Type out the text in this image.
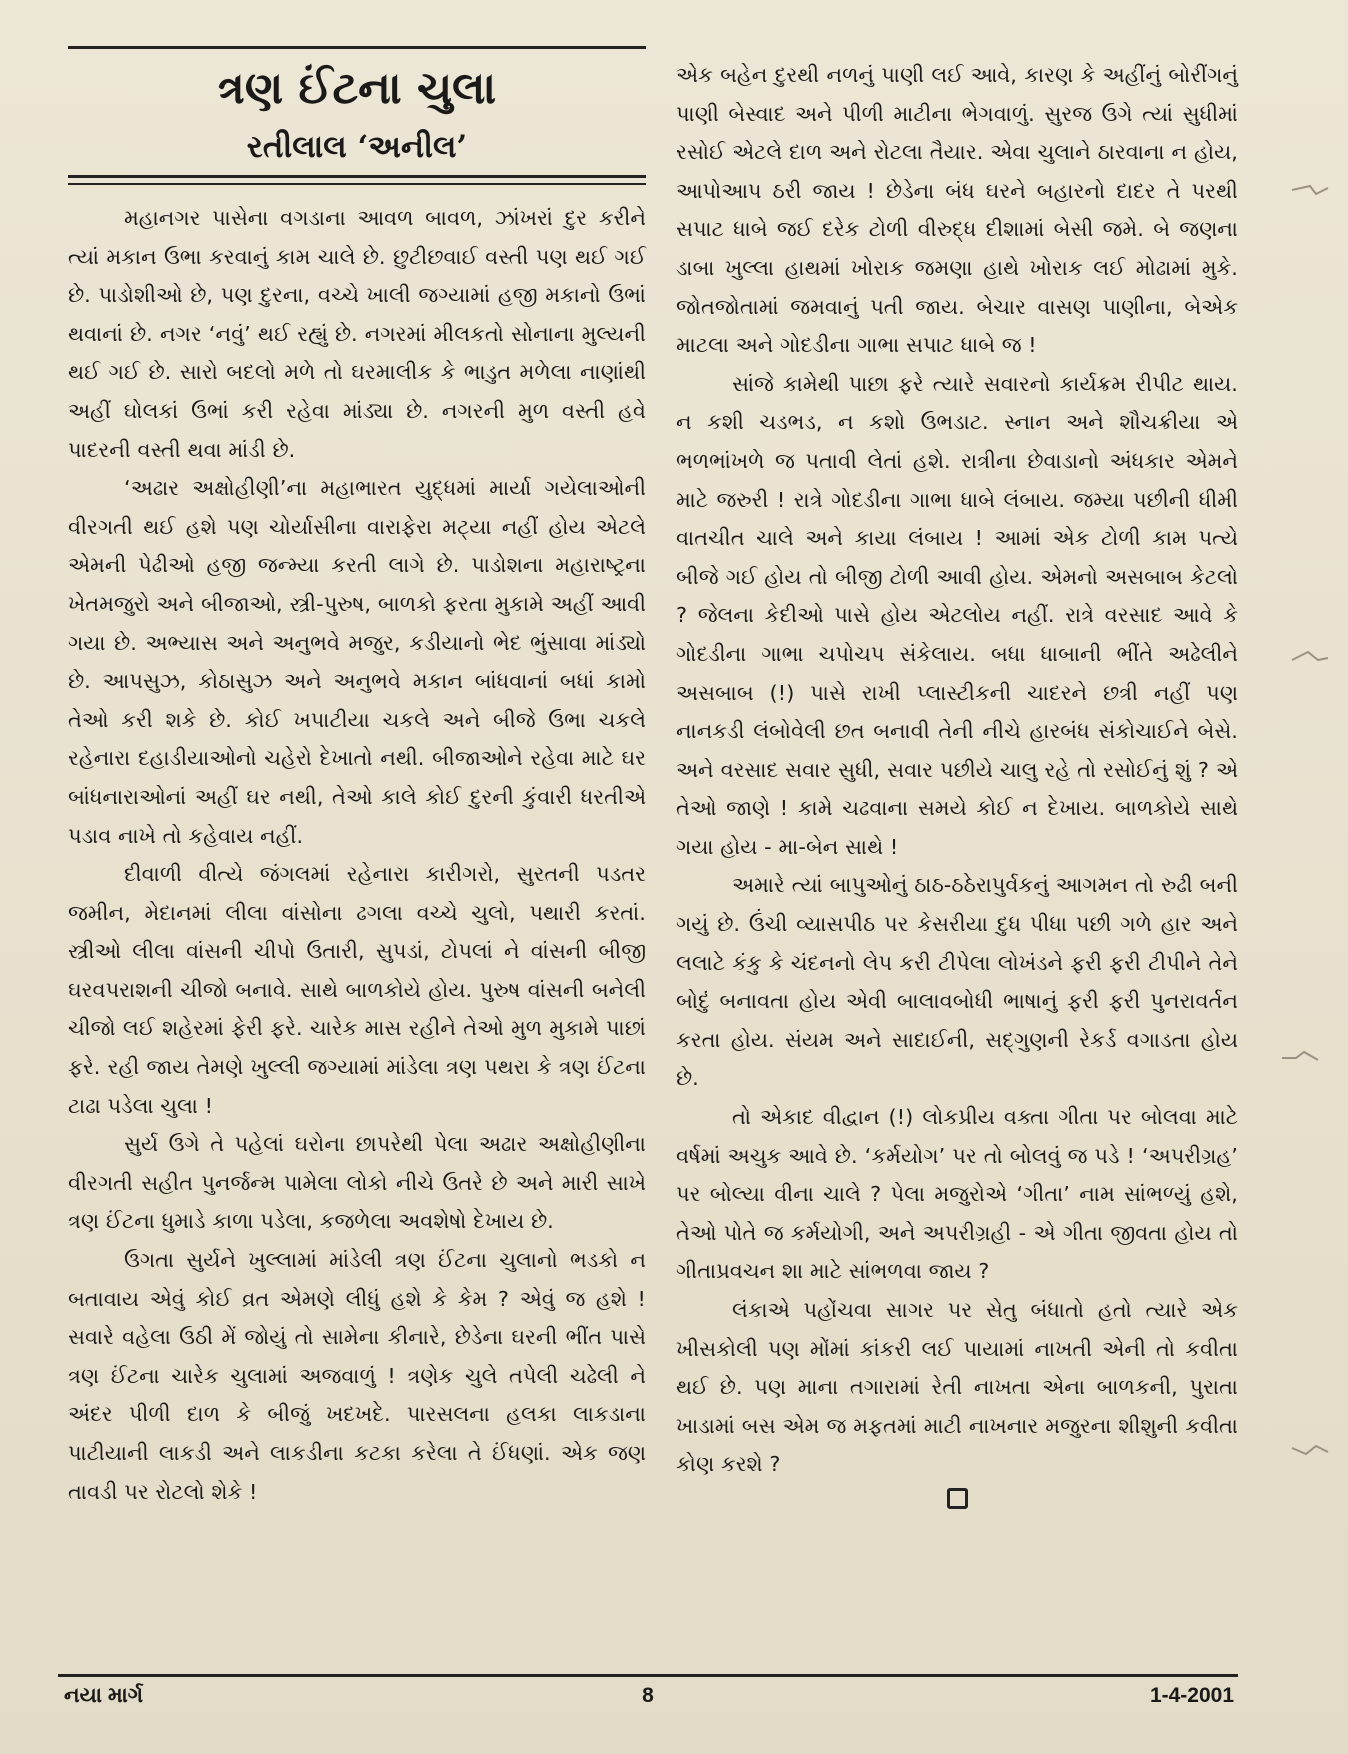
ત્રણ ઈંટના ચુલા
રતીલાલ ‘અનીલ’

મહાનગર પાસેના વગડાના આવળ બાવળ, ઝાંખરાં દુર કરીને ત્યાં મકાન ઉભા કરવાનું કામ ચાલે છે. છુટીછવાઈ વસ્તી પણ થઈ ગઈ છે. પાડોશીઓ છે, પણ દુરના, વચ્ચે ખાલી જગ્યામાં હજી મકાનો ઉભાં થવાનાં છે. નગર ‘નવું’ થઈ રહ્યું છે. નગરમાં મીલકતો સોનાના મુલ્યની થઈ ગઈ છે. સારો બદલો મળે તો ઘરમાલીક કે ભાડુત મળેલા નાણાંથી અહીં ઘોલકાં ઉભાં કરી રહેવા માંડ્યા છે. નગરની મુળ વસ્તી હવે પાદરની વસ્તી થવા માંડી છે.

‘અઢાર અક્ષોહીણી’ના મહાભારત યુદ્ધમાં માર્યા ગયેલાઓની વીરગતી થઈ હશે પણ ચોર્યાસીના વારાફેરા મટ્યા નહીં હોય એટલે એમની પેઢીઓ હજી જન્મ્યા કરતી લાગે છે. પાડોશના મહારાષ્ટ્રના ખેતમજુરો અને બીજાઓ, સ્ત્રી-પુરુષ, બાળકો ફરતા મુકામે અહીં આવી ગયા છે. અભ્યાસ અને અનુભવે મજુર, કડીયાનો ભેદ ભુંસાવા માંડ્યો છે. આપસુઝ, કોઠાસુઝ અને અનુભવે મકાન બાંધવાનાં બધાં કામો તેઓ કરી શકે છે. કોઈ ખપાટીયા ચકલે અને બીજે ઉભા ચકલે રહેનારા દહાડીયાઓનો ચહેરો દેખાતો નથી. બીજાઓને રહેવા માટે ઘર બાંધનારાઓનાં અહીં ઘર નથી, તેઓ કાલે કોઈ દુરની કુંવારી ધરતીએ પડાવ નાખે તો કહેવાય નહીં.

દીવાળી વીત્યે જંગલમાં રહેનારા કારીગરો, સુરતની પડતર જમીન, મેદાનમાં લીલા વાંસોના ઢગલા વચ્ચે ચુલો, પથારી કરતાં. સ્ત્રીઓ લીલા વાંસની ચીપો ઉતારી, સુપડાં, ટોપલાં ને વાંસની બીજી ઘરવપરાશની ચીજો બનાવે. સાથે બાળકોયે હોય. પુરુષ વાંસની બનેલી ચીજો લઈ શહેરમાં ફેરી ફરે. ચારેક માસ રહીને તેઓ મુળ મુકામે પાછાં ફરે. રહી જાય તેમણે ખુલ્લી જગ્યામાં માંડેલા ત્રણ પથરા કે ત્રણ ઈંટના ટાઢા પડેલા ચુલા !

સુર્ય ઉગે તે પહેલાં ઘરોના છાપરેથી પેલા અઢાર અક્ષોહીણીના વીરગતી સહીત પુનર્જન્મ પામેલા લોકો નીચે ઉતરે છે અને મારી સાખે ત્રણ ઈંટના ધુમાડે કાળા પડેલા, કજળેલા અવશેષો દેખાય છે.

ઉગતા સુર્યને ખુલ્લામાં માંડેલી ત્રણ ઈંટના ચુલાનો ભડકો ન બતાવાય એવું કોઈ વ્રત એમણે લીધું હશે કે કેમ ? એવું જ હશે ! સવારે વહેલા ઉઠી મેં જોયું તો સામેના કીનારે, છેડેના ઘરની ભીંત પાસે ત્રણ ઈંટના ચારેક ચુલામાં અજવાળું ! ત્રણેક ચુલે તપેલી ચઢેલી ને અંદર પીળી દાળ કે બીજું ખદખદે. પારસલના હલકા લાકડાના પાટીયાની લાકડી અને લાકડીના કટકા કરેલા તે ઈંધણાં. એક જણ તાવડી પર રોટલો શેકે !

એક બહેન દુરથી નળનું પાણી લઈ આવે, કારણ કે અહીંનું બોરીંગનું પાણી બેસ્વાદ અને પીળી માટીના ભેગવાળું. સુરજ ઉગે ત્યાં સુધીમાં રસોઈ એટલે દાળ અને રોટલા તૈયાર. એવા ચુલાને ઠારવાના ન હોય, આપોઆપ ઠરી જાય ! છેડેના બંધ ઘરને બહારનો દાદર તે પરથી સપાટ ધાબે જઈ દરેક ટોળી વીરુદ્ધ દીશામાં બેસી જમે. બે જણના ડાબા ખુલ્લા હાથમાં ખોરાક જમણા હાથે ખોરાક લઈ મોઢામાં મુકે. જોતજોતામાં જમવાનું પતી જાય. બેચાર વાસણ પાણીના, બેએક માટલા અને ગોદડીના ગાભા સપાટ ધાબે જ !

સાંજે કામેથી પાછા ફરે ત્યારે સવારનો કાર્યક્રમ રીપીટ થાય. ન કશી ચડભડ, ન કશો ઉભડાટ. સ્નાન અને શૌચક્રીયા એ ભળભાંખળે જ પતાવી લેતાં હશે. રાત્રીના છેવાડાનો અંધકાર એમને માટે જરુરી ! રાત્રે ગોદડીના ગાભા ધાબે લંબાય. જમ્યા પછીની ધીમી વાતચીત ચાલે અને કાયા લંબાય ! આમાં એક ટોળી કામ પત્યે બીજે ગઈ હોય તો બીજી ટોળી આવી હોય. એમનો અસબાબ કેટલો ? જેલના કેદીઓ પાસે હોય એટલોય નહીં. રાત્રે વરસાદ આવે કે ગોદડીના ગાભા ચપોચપ સંકેલાય. બધા ધાબાની ભીંતે અઢેલીને અસબાબ (!) પાસે રાખી પ્લાસ્ટીકની ચાદરને છત્રી નહીં પણ નાનકડી લંબોવેલી છત બનાવી તેની નીચે હારબંધ સંકોચાઈને બેસે. અને વરસાદ સવાર સુધી, સવાર પછીયે ચાલુ રહે તો રસોઈનું શું ? એ તેઓ જાણે ! કામે ચઢવાના સમયે કોઈ ન દેખાય. બાળકોયે સાથે ગયા હોય - મા-બેન સાથે !

અમારે ત્યાં બાપુઓનું ઠાઠ-ઠઠેરાપુર્વકનું આગમન તો રુઢી બની ગયું છે. ઉંચી વ્યાસપીઠ પર કેસરીયા દુધ પીધા પછી ગળે હાર અને લલાટે કંકુ કે ચંદનનો લેપ કરી ટીપેલા લોખંડને ફરી ફરી ટીપીને તેને બોદું બનાવતા હોય એવી બાલાવબોધી ભાષાનું ફરી ફરી પુનરાવર્તન કરતા હોય. સંયમ અને સાદાઈની, સદ્ગુણની રેકર્ડ વગાડતા હોય છે.

તો એકાદ વીદ્વાન (!) લોકપ્રીય વક્તા ગીતા પર બોલવા માટે વર્ષમાં અચુક આવે છે. ‘કર્મયોગ’ પર તો બોલવું જ પડે ! ‘અપરીગ્રહ’ પર બોલ્યા વીના ચાલે ? પેલા મજુરોએ ‘ગીતા’ નામ સાંભળ્યું હશે, તેઓ પોતે જ કર્મયોગી, અને અપરીગ્રહી - એ ગીતા જીવતા હોય તો ગીતાપ્રવચન શા માટે સાંભળવા જાય ?

લંકાએ પહોંચવા સાગર પર સેતુ બંધાતો હતો ત્યારે એક ખીસકોલી પણ મોંમાં કાંકરી લઈ પાયામાં નાખતી એની તો કવીતા થઈ છે. પણ માના તગારામાં રેતી નાખતા એના બાળકની, પુરાતા ખાડામાં બસ એમ જ મફતમાં માટી નાખનાર મજુરના શીશુની કવીતા કોણ કરશે ?

નયા માર્ગ	8	1-4-2001
